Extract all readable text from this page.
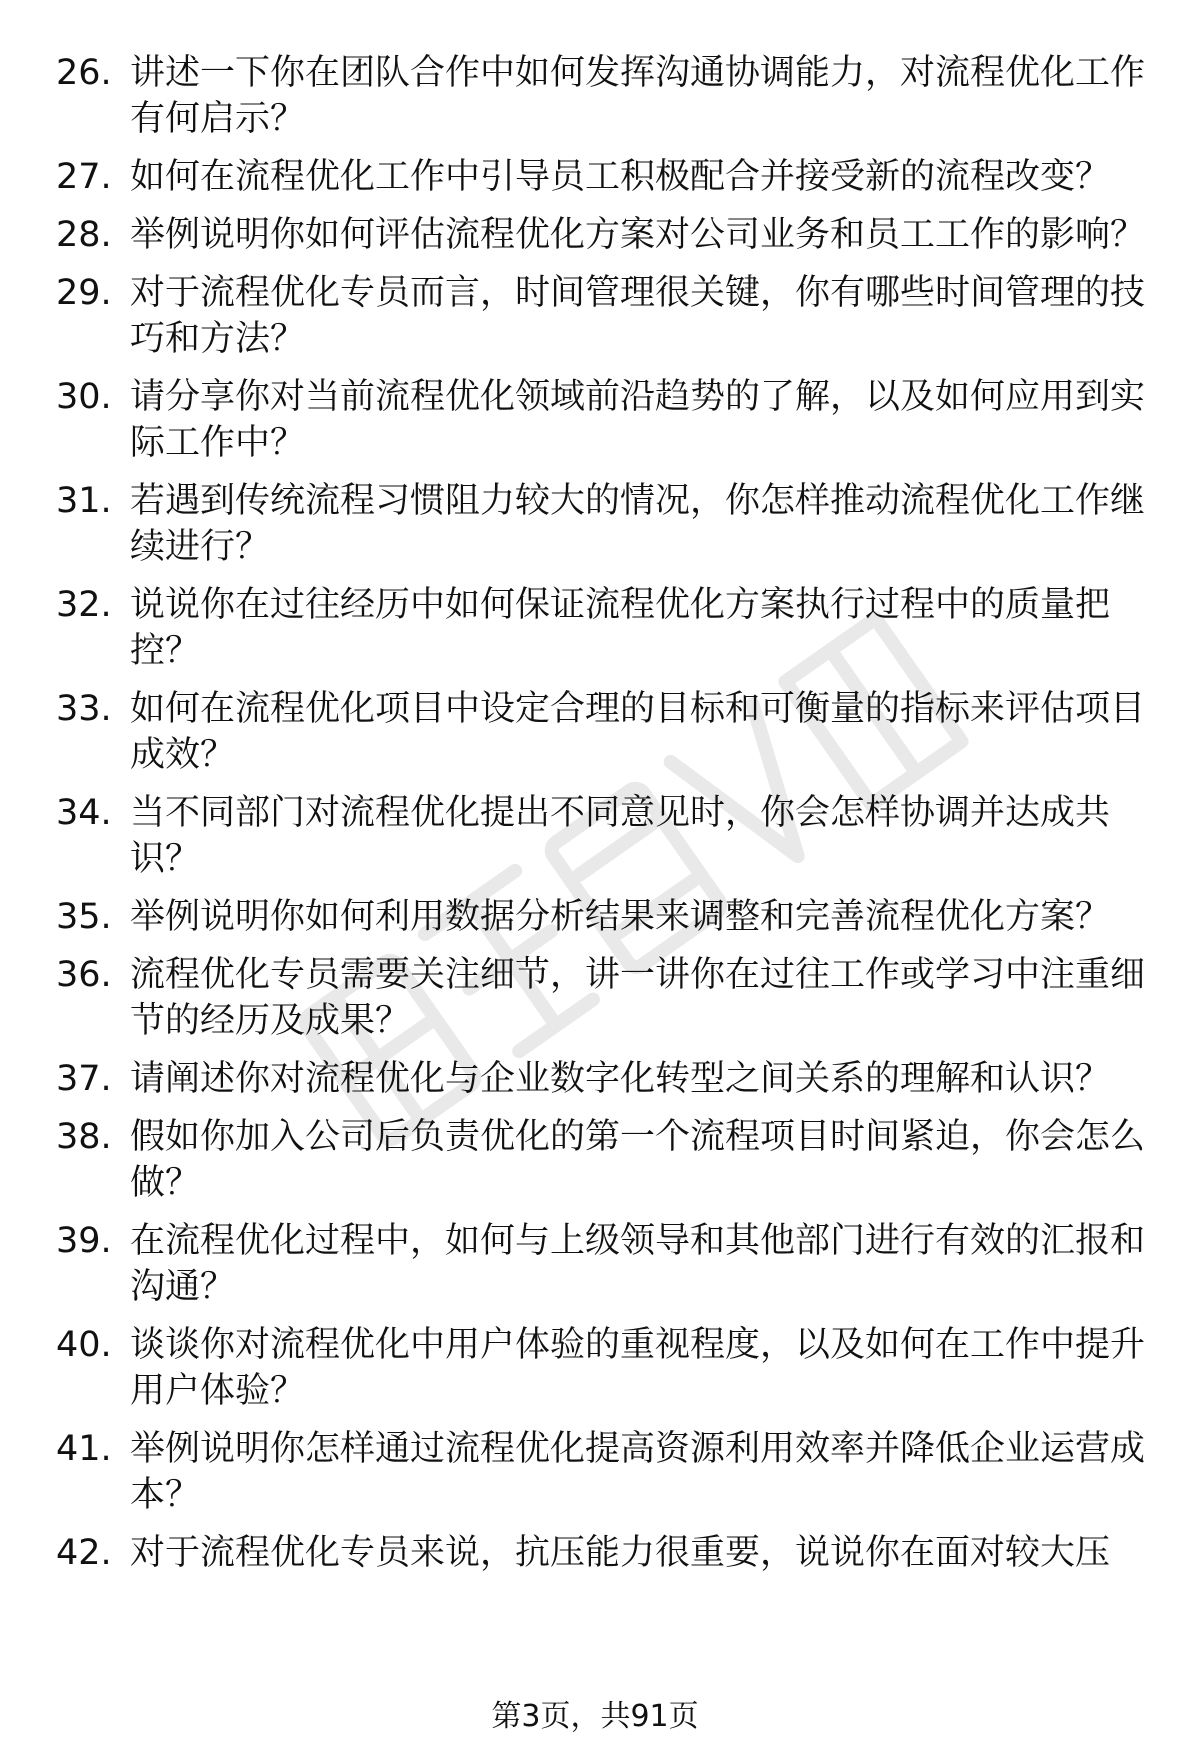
26. 讲述一下你在团队合作中如何发挥沟通协调能力，对流程优化工作有何启示？
27. 如何在流程优化工作中引导员工积极配合并接受新的流程改变？
28. 举例说明你如何评估流程优化方案对公司业务和员工工作的影响？
29. 对于流程优化专员而言，时间管理很关键，你有哪些时间管理的技巧和方法？
30. 请分享你对当前流程优化领域前沿趋势的了解，以及如何应用到实际工作中？
31. 若遇到传统流程习惯阻力较大的情况，你怎样推动流程优化工作继续进行？
32. 说说你在过往经历中如何保证流程优化方案执行过程中的质量把控？
33. 如何在流程优化项目中设定合理的目标和可衡量的指标来评估项目成效？
34. 当不同部门对流程优化提出不同意见时，你会怎样协调并达成共识？
35. 举例说明你如何利用数据分析结果来调整和完善流程优化方案？
36. 流程优化专员需要关注细节，讲一讲你在过往工作或学习中注重细节的经历及成果？
37. 请阐述你对流程优化与企业数字化转型之间关系的理解和认识？
38. 假如你加入公司后负责优化的第一个流程项目时间紧迫，你会怎么做？
39. 在流程优化过程中，如何与上级领导和其他部门进行有效的汇报和沟通？
40. 谈谈你对流程优化中用户体验的重视程度，以及如何在工作中提升用户体验？
41. 举例说明你怎样通过流程优化提高资源利用效率并降低企业运营成本？
42. 对于流程优化专员来说，抗压能力很重要，说说你在面对较大压
第3页，共91页
